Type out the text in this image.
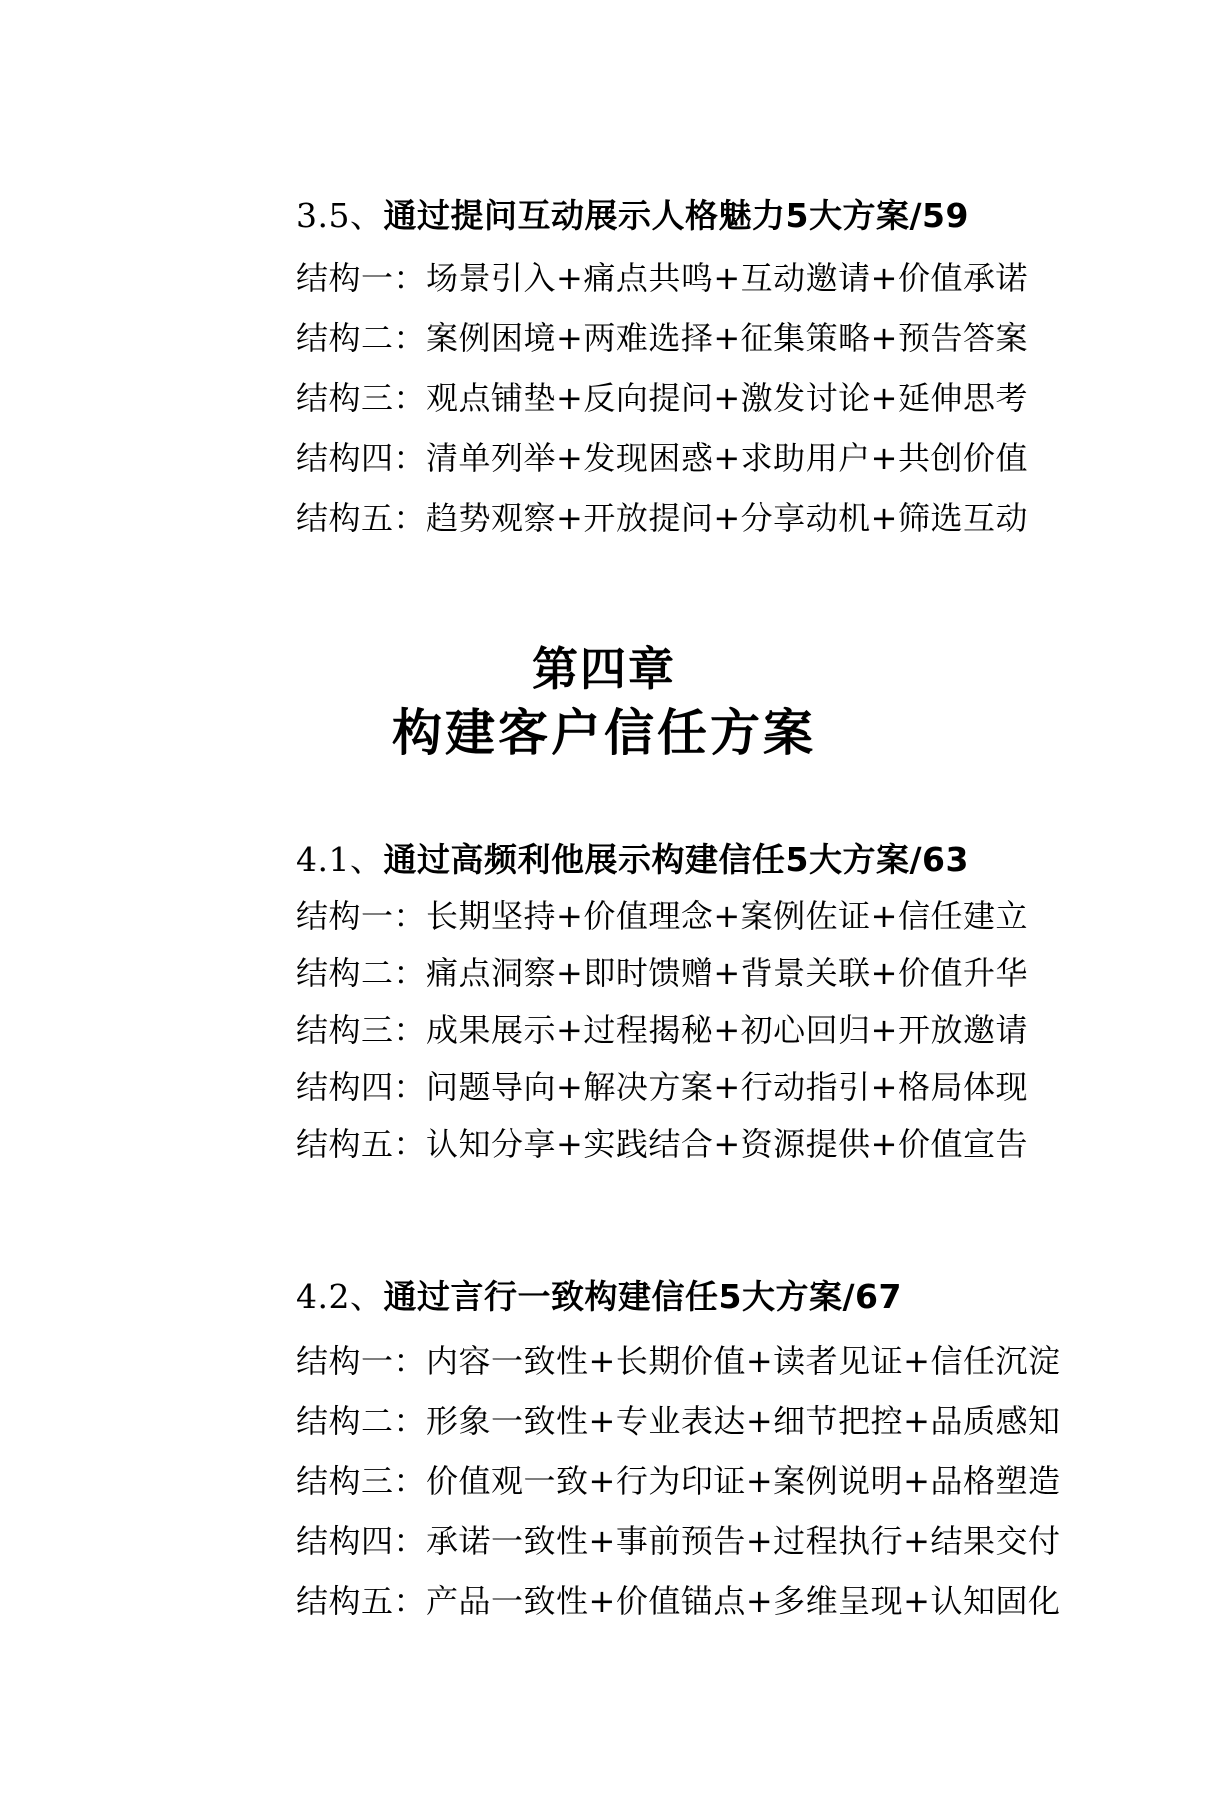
3.5、通过提问互动展示人格魅力5大方案/59
结构一：场景引入+痛点共鸣+互动邀请+价值承诺
结构二：案例困境+两难选择+征集策略+预告答案
结构三：观点铺垫+反向提问+激发讨论+延伸思考
结构四：清单列举+发现困惑+求助用户+共创价值
结构五：趋势观察+开放提问+分享动机+筛选互动
第四章
构建客户信任方案
4.1、通过高频利他展示构建信任5大方案/63
结构一：长期坚持+价值理念+案例佐证+信任建立
结构二：痛点洞察+即时馈赠+背景关联+价值升华
结构三：成果展示+过程揭秘+初心回归+开放邀请
结构四：问题导向+解决方案+行动指引+格局体现
结构五：认知分享+实践结合+资源提供+价值宣告
4.2、通过言行一致构建信任5大方案/67
结构一：内容一致性+长期价值+读者见证+信任沉淀
结构二：形象一致性+专业表达+细节把控+品质感知
结构三：价值观一致+行为印证+案例说明+品格塑造
结构四：承诺一致性+事前预告+过程执行+结果交付
结构五：产品一致性+价值锚点+多维呈现+认知固化
